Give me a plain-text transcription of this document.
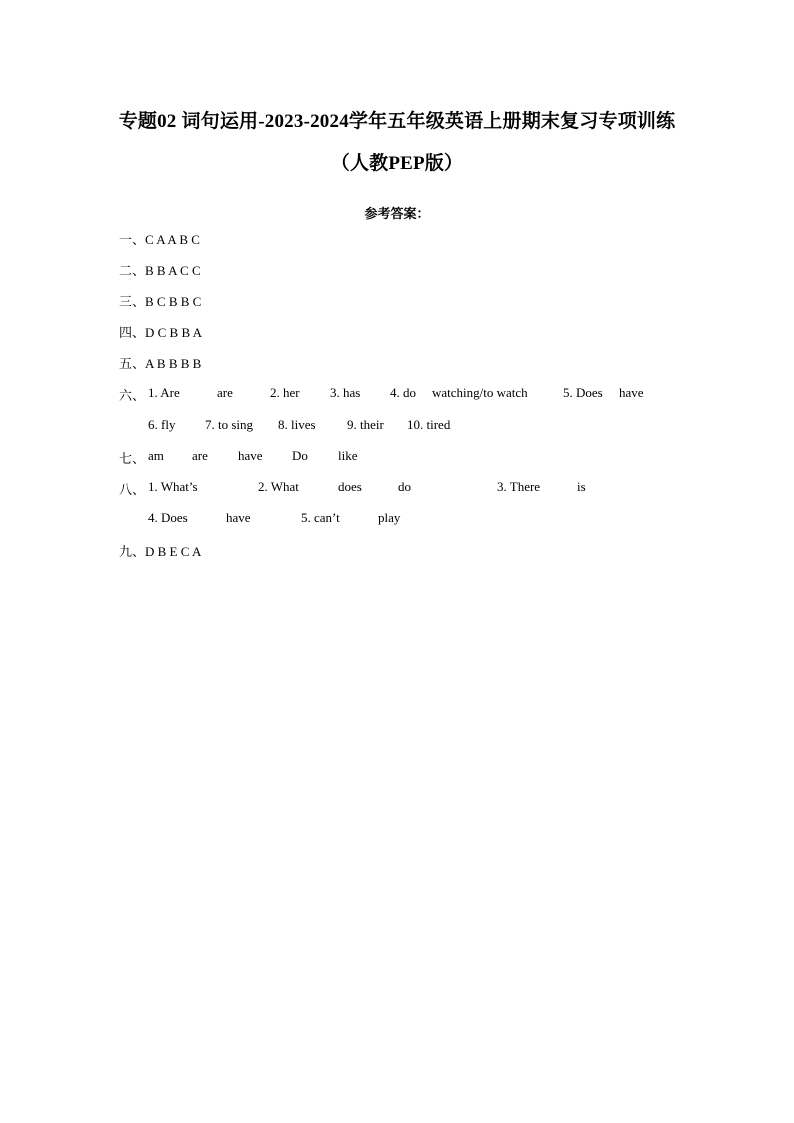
专题02 词句运用-2023-2024学年五年级英语上册期末复习专项训练
（人教PEP版）
参考答案：
一、C A A B C
二、B B A C C
三、B C B B C
四、D C B B A
五、A B B B B
六、 1. Are	are	2. her 3. has 4. do watching/to watch	5. Does have
6. fly 7. to sing 8. lives 9. their 10. tired
七、 am are have Do like
八、 1. What’s	2. What	does	do	3. There	is
4. Does	have	5. can’t	play
九、D B E C A
